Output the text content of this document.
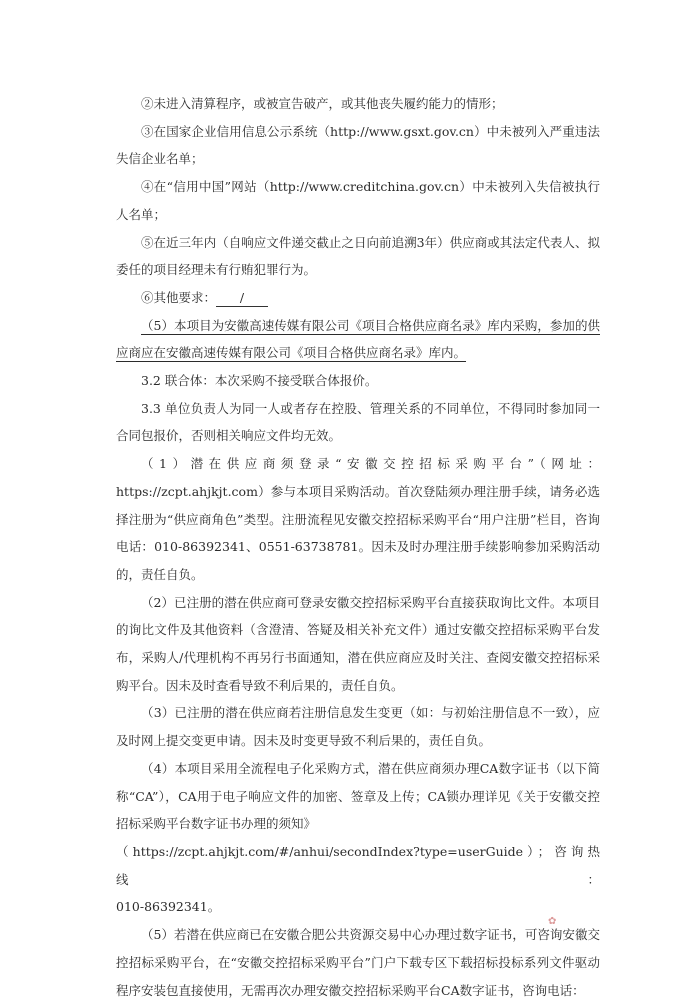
②未进入清算程序，或被宣告破产，或其他丧失履约能力的情形；

③在国家企业信用信息公示系统（http://www.gsxt.gov.cn）中未被列入严重违法失信企业名单；

④在“信用中国”网站（http://www.creditchina.gov.cn）中未被列入失信被执行人名单；

⑤在近三年内（自响应文件递交截止之日向前追溯3年）供应商或其法定代表人、拟委任的项目经理未有行贿犯罪行为。

⑥其他要求： /

（5）本项目为安徽高速传媒有限公司《项目合格供应商名录》库内采购，参加的供应商应在安徽高速传媒有限公司《项目合格供应商名录》库内。

3.2 联合体：本次采购不接受联合体报价。

3.3 单位负责人为同一人或者存在控股、管理关系的不同单位，不得同时参加同一合同包报价，否则相关响应文件均无效。

（1）潜在供应商须登录“安徽交控招标采购平台”（网址：https://zcpt.ahjkjt.com）参与本项目采购活动。首次登陆须办理注册手续，请务必选择注册为“供应商角色”类型。注册流程见安徽交控招标采购平台“用户注册”栏目，咨询电话：010-86392341、0551-63738781。因未及时办理注册手续影响参加采购活动的，责任自负。

（2）已注册的潜在供应商可登录安徽交控招标采购平台直接获取询比文件。本项目的询比文件及其他资料（含澄清、答疑及相关补充文件）通过安徽交控招标采购平台发布，采购人/代理机构不再另行书面通知，潜在供应商应及时关注、查阅安徽交控招标采购平台。因未及时查看导致不利后果的，责任自负。

（3）已注册的潜在供应商若注册信息发生变更（如：与初始注册信息不一致），应及时网上提交变更申请。因未及时变更导致不利后果的，责任自负。

（4）本项目采用全流程电子化采购方式，潜在供应商须办理CA数字证书（以下简称“CA”），CA用于电子响应文件的加密、签章及上传；CA锁办理详见《关于安徽交控招标采购平台数字证书办理的须知》

（https://zcpt.ahjkjt.com/#/anhui/secondIndex?type=userGuide）；咨询热线：

010-86392341。

（5）若潜在供应商已在安徽合肥公共资源交易中心办理过数字证书，可咨询安徽交控招标采购平台，在“安徽交控招标采购平台”门户下载专区下载招标投标系列文件驱动程序安装包直接使用，无需再次办理安徽交控招标采购平台CA数字证书，咨询电话：

✿
